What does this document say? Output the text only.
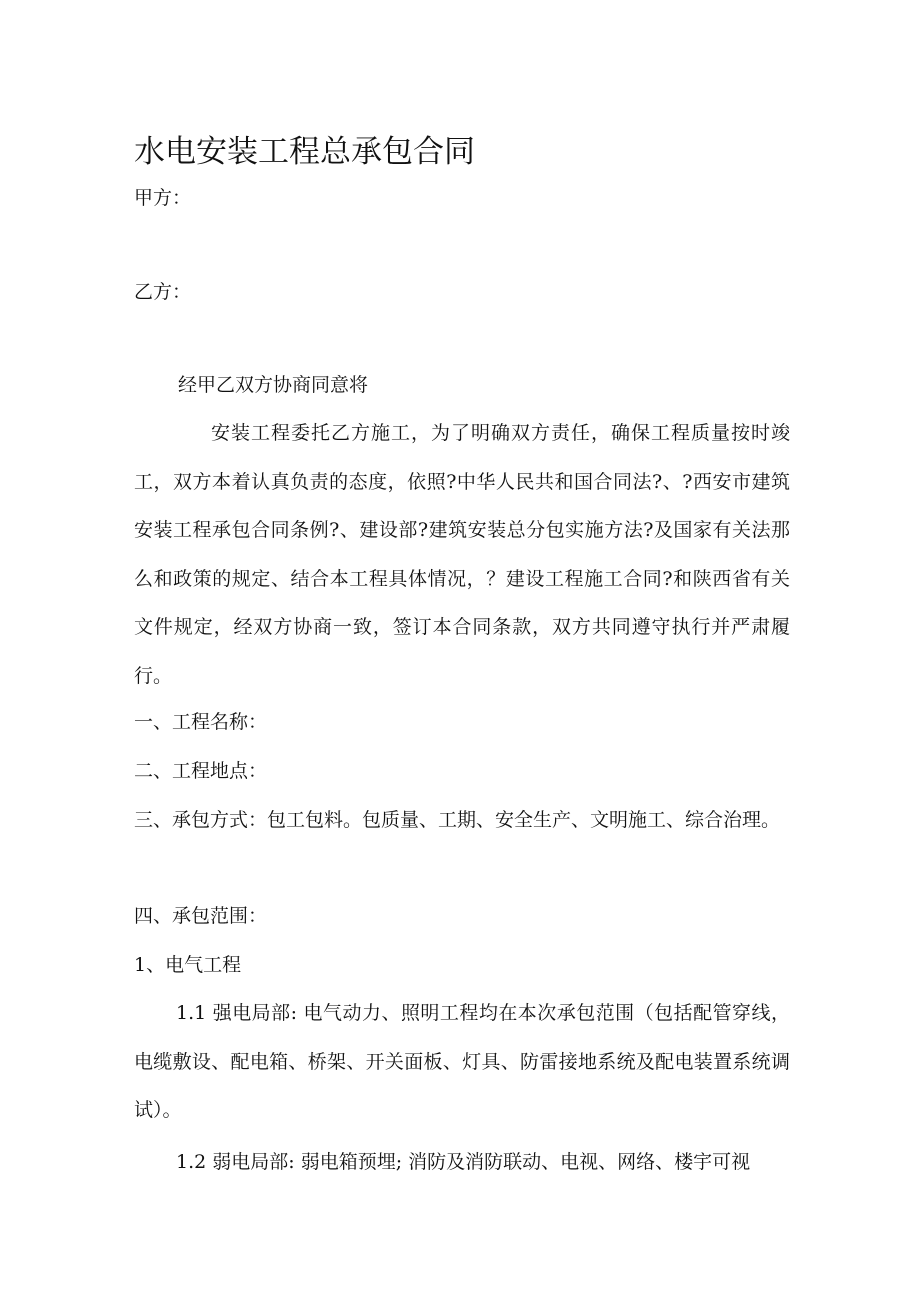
水电安装工程总承包合同
甲方：
乙方：
经甲乙双方协商同意将
安装工程委托乙方施工，为了明确双方责任，确保工程质量按时竣工，双方本着认真负责的态度，依照?中华人民共和国合同法?、?西安市建筑安装工程承包合同条例?、建设部?建筑安装总分包实施方法?及国家有关法那么和政策的规定、结合本工程具体情况，？建设工程施工合同?和陕西省有关文件规定，经双方协商一致，签订本合同条款，双方共同遵守执行并严肃履行。
一、工程名称：
二、工程地点：
三、承包方式：包工包料。包质量、工期、安全生产、文明施工、综合治理。
四、承包范围：
1、电气工程
1.1 强电局部: 电气动力、照明工程均在本次承包范围（包括配管穿线，电缆敷设、配电箱、桥架、开关面板、灯具、防雷接地系统及配电装置系统调试）。
1.2 弱电局部: 弱电箱预埋; 消防及消防联动、电视、网络、楼宇可视
